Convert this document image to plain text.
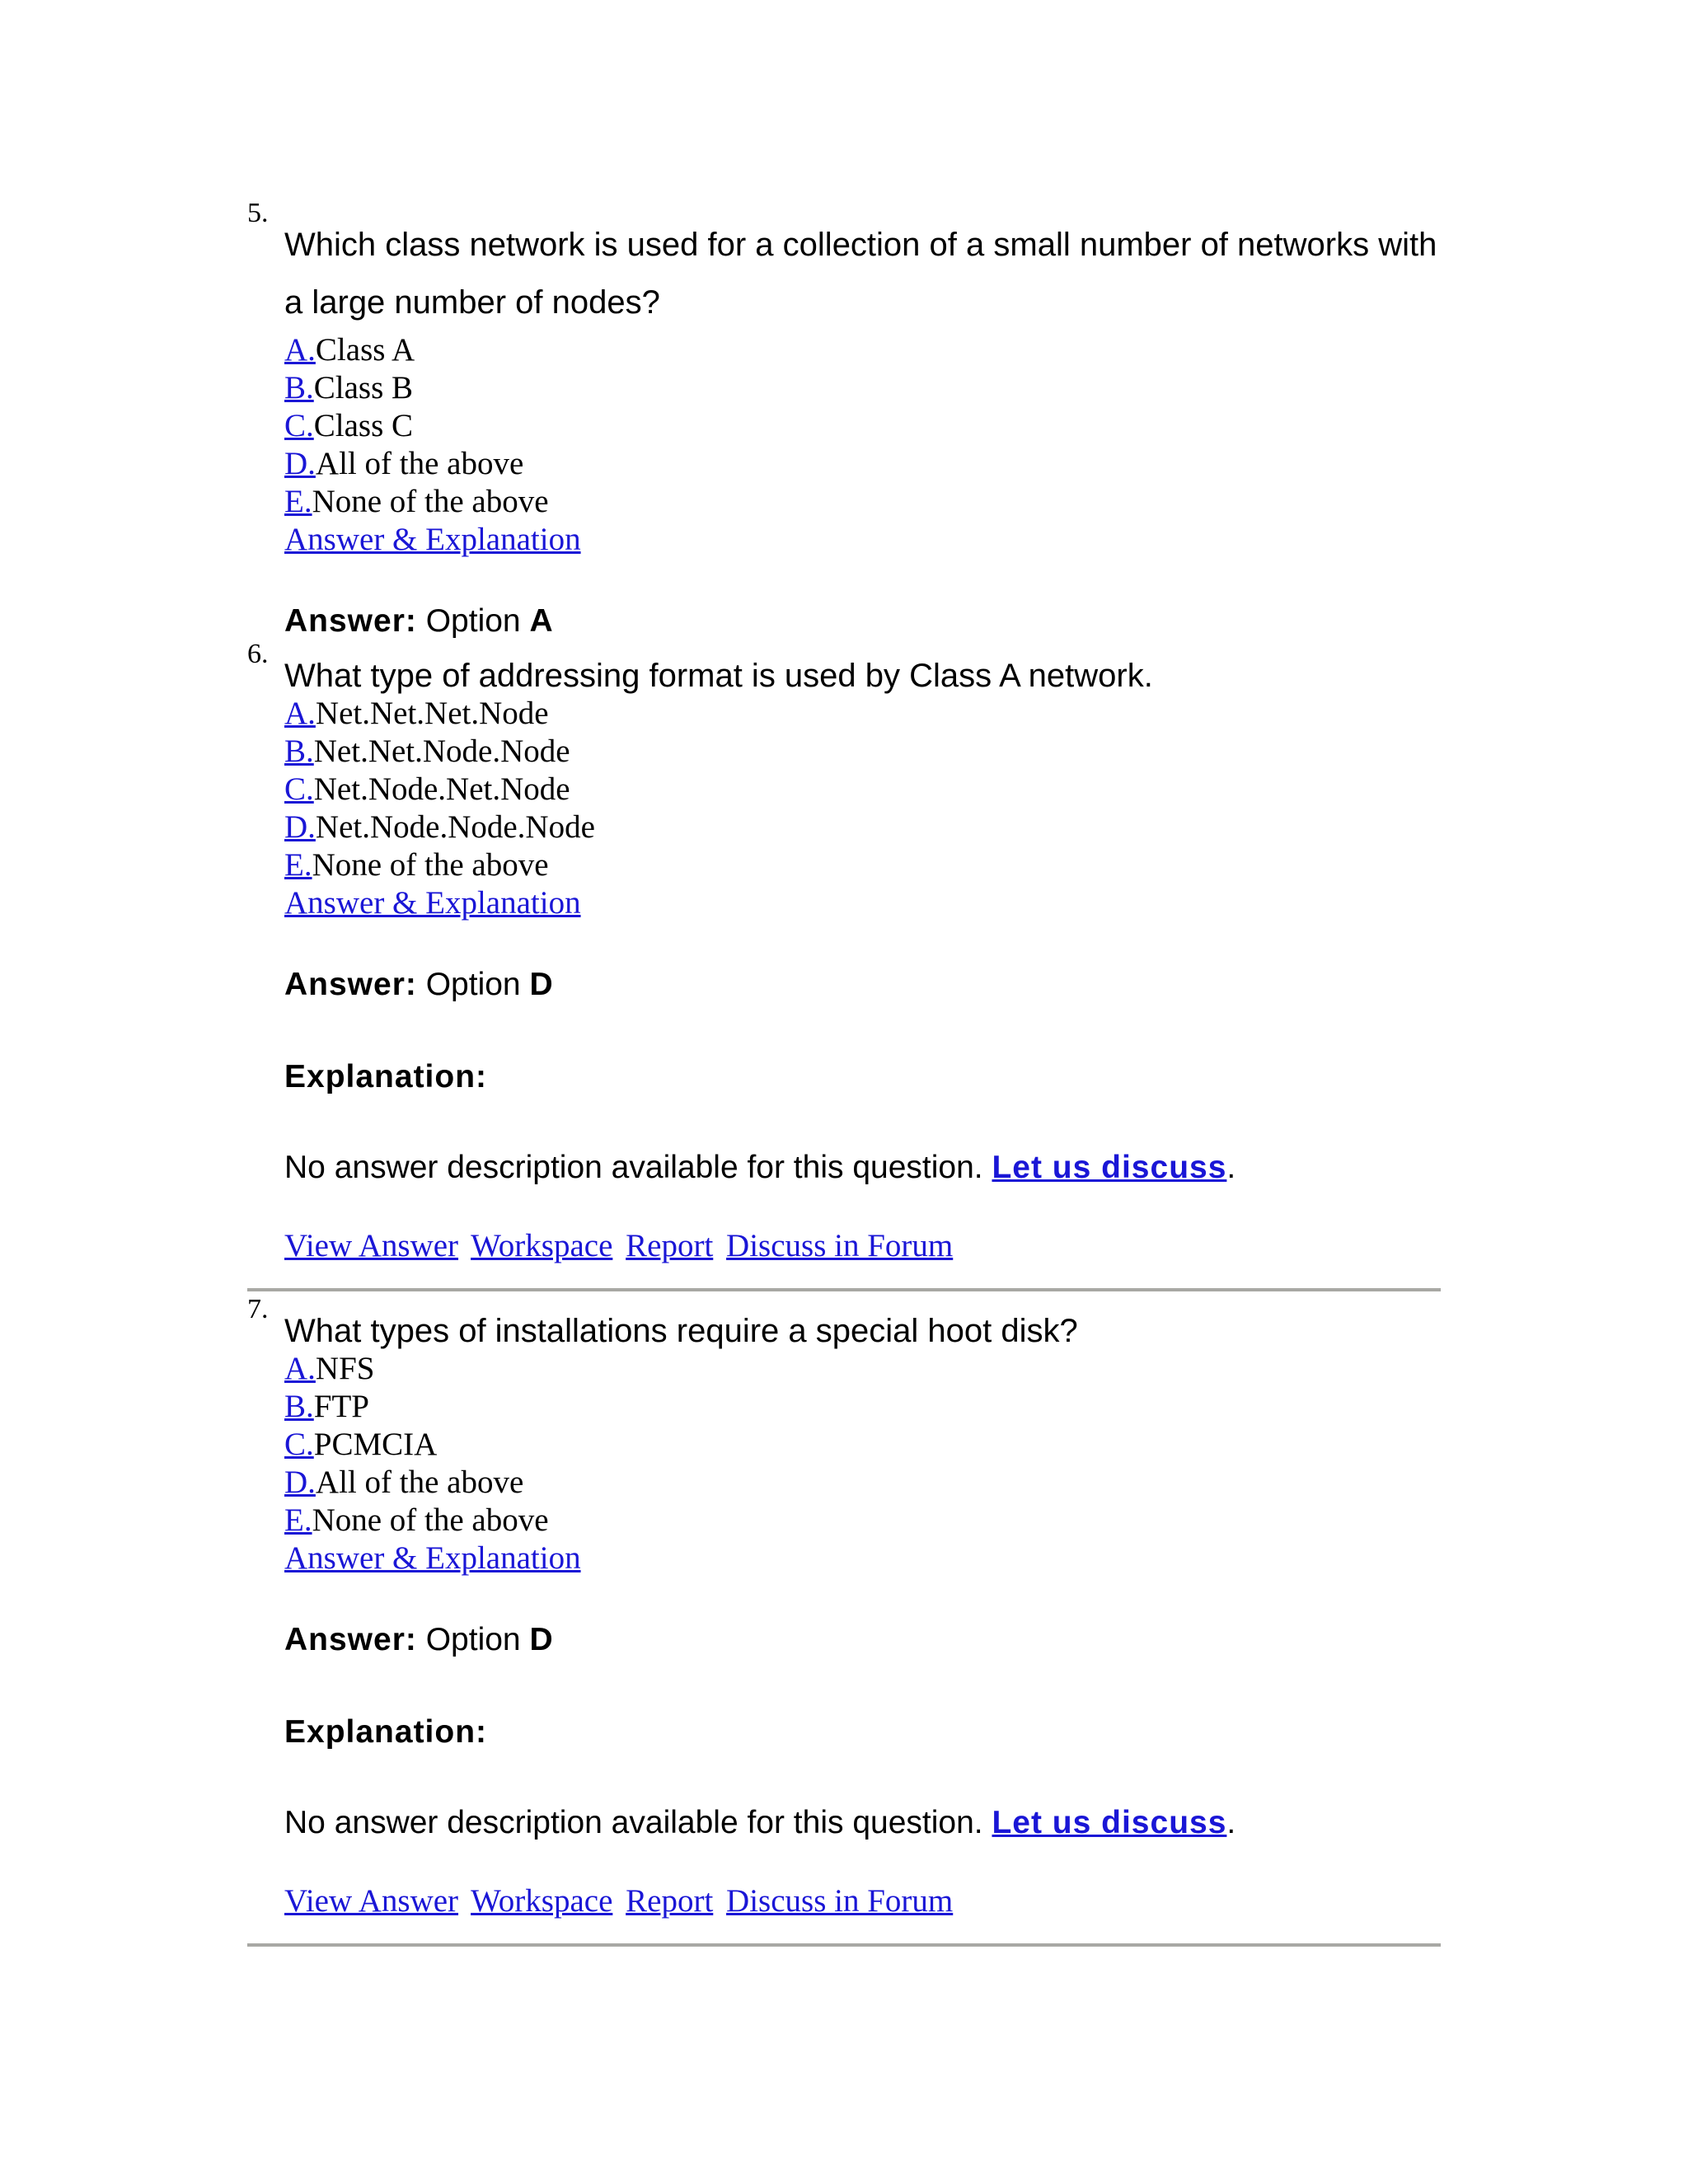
5.
Which class network is used for a collection of a small number of networks with a large number of nodes?
A.Class A
B.Class B
C.Class C
D.All of the above
E.None of the above
Answer & Explanation
Answer: Option A
6.
What type of addressing format is used by Class A network.
A.Net.Net.Net.Node
B.Net.Net.Node.Node
C.Net.Node.Net.Node
D.Net.Node.Node.Node
E.None of the above
Answer & Explanation
Answer: Option D
Explanation:
No answer description available for this question. Let us discuss.
View Answer Workspace Report Discuss in Forum
7.
What types of installations require a special hoot disk?
A.NFS
B.FTP
C.PCMCIA
D.All of the above
E.None of the above
Answer & Explanation
Answer: Option D
Explanation:
No answer description available for this question. Let us discuss.
View Answer Workspace Report Discuss in Forum
